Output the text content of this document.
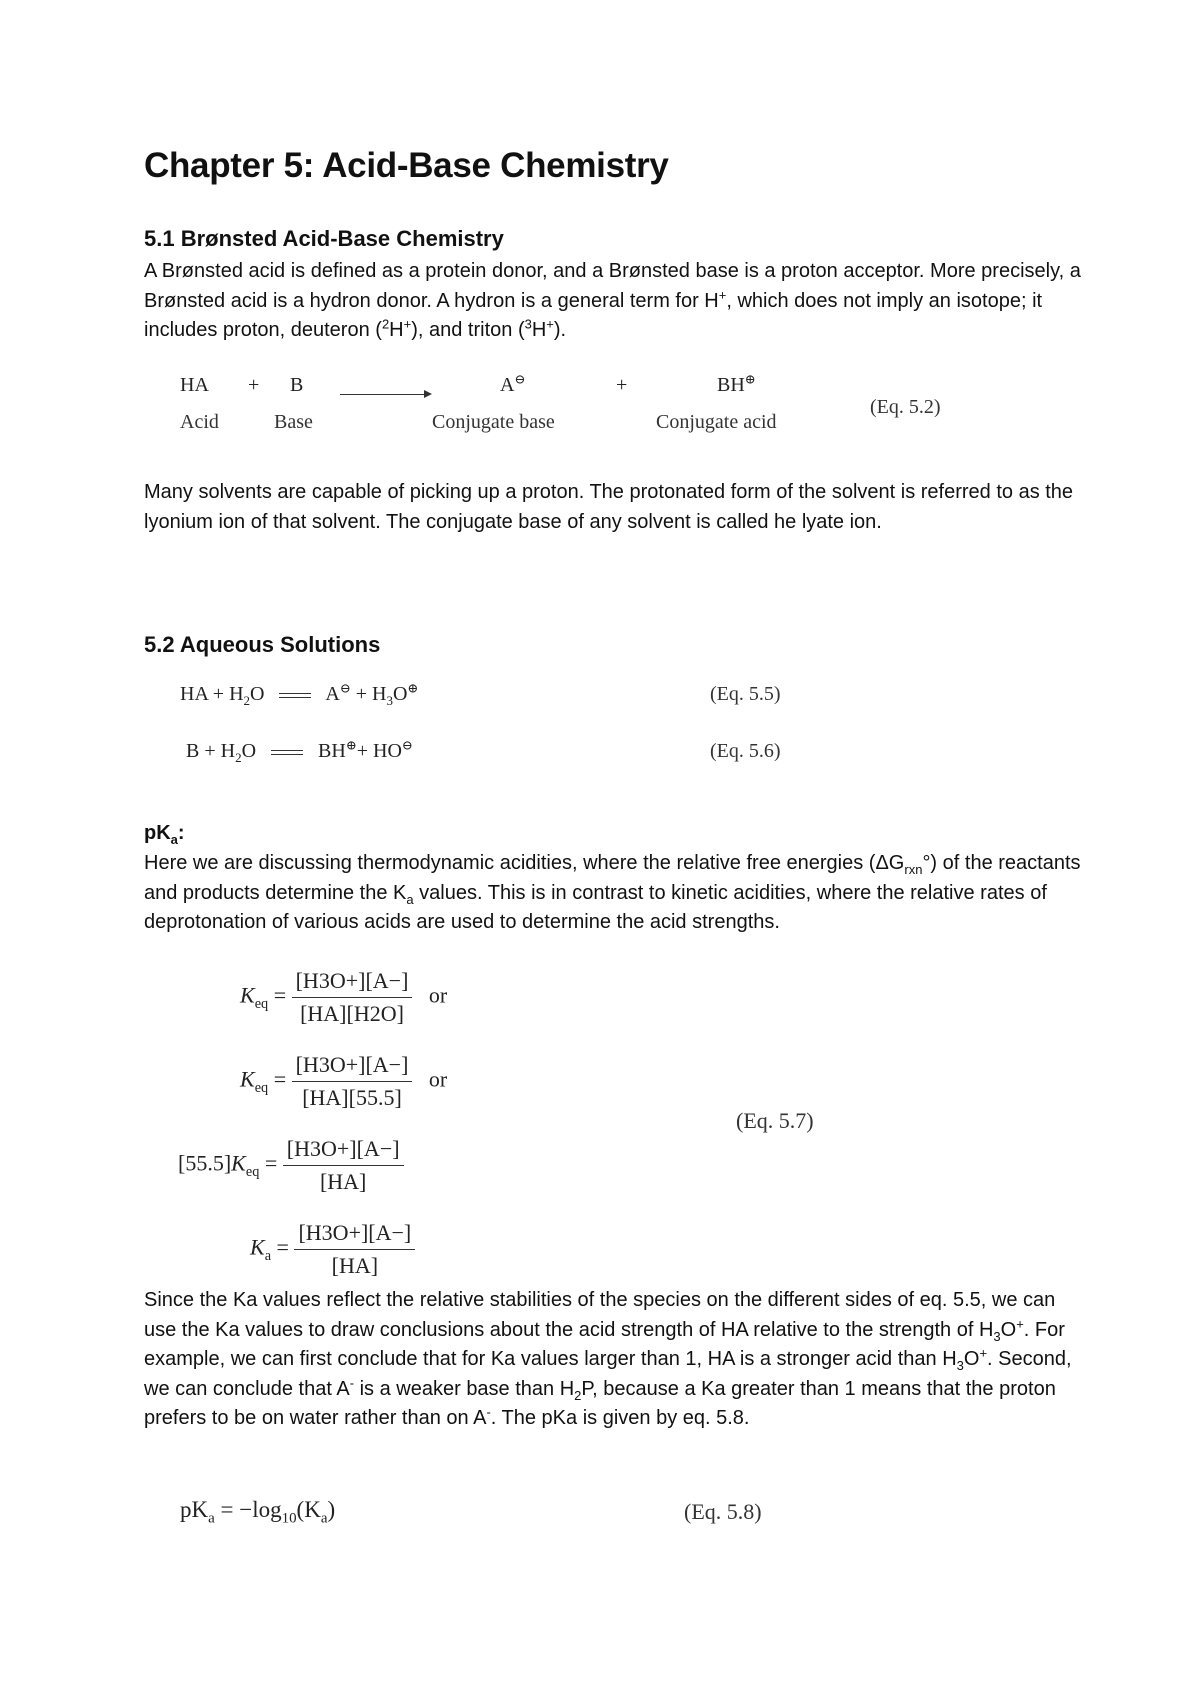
Chapter 5: Acid-Base Chemistry
5.1 Brønsted Acid-Base Chemistry

A Brønsted acid is defined as a protein donor, and a Brønsted base is a proton acceptor. More precisely, a Brønsted acid is a hydron donor. A hydron is a general term for H+, which does not imply an isotope; it includes proton, deuteron ($^2$H+), and triton ($^3$H+).

HA + B	A⊖	+	BH⊕
Acid	Base	Conjugate base	Conjugate acid
(Eq. 5.2)

Many solvents are capable of picking up a proton. The protonated form of the solvent is referred to as the lyonium ion of that solvent. The conjugate base of any solvent is called he lyate ion.

5.2 Aqueous Solutions
HA + $H_2O$	$A^⊖ + H_3O^\oplus$	(Eq. 5.5)
$B + H_2O$	BH⊕+ HO⊖	(Eq. 5.6)
$pK_a$:

Here we are discussing thermodynamic acidities, where the relative free energies $(\Delta G_{rxn}^\circ)$ of the reactants and products determine the $K_a$ values. This is in contrast to kinetic acidities, where the relative rates of deprotonation of various acids are used to determine the acid strengths.

$K_{eq} = \frac{[H3O+][A-]}{[HA][H2O]}$ or
$K_{eq} = \frac{[H3O+][A-]}{[HA][55.5]}$ or
$[55.5]K_{eq} = \frac{[H3O+][A-]}{[HA]}$
$K_a = \frac{[H3O+][A-]}{[HA]}$
(Eq. 5.7)

Since the Ka values reflect the relative stabilities of the species on the different sides of eq. 5.5, we can use the Ka values to draw conclusions about the acid strength of HA relative to the strength of $H_3O^+$. For example, we can first conclude that for Ka values larger than 1, HA is a stronger acid than $H_3O^+$. Second, we can conclude that A- is a weaker base than $H_2P$, because a Ka greater than 1 means that the proton prefers to be on water rather than on A-. The pKa is given by eq. 5.8.

$pK_a = -\log_{10}(K_a)$	(Eq. 5.8)
